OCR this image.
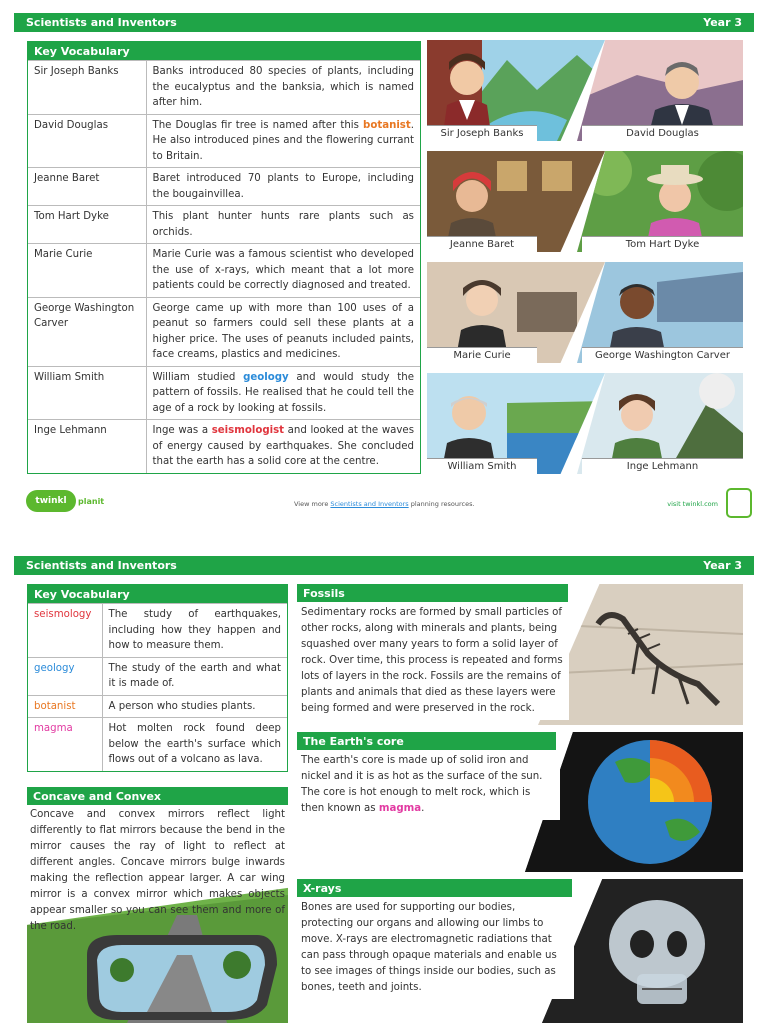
Scientists and Inventors	Year 3
Key Vocabulary
Sir Joseph Banks	Banks introduced 80 species of plants, including the eucalyptus and the banksia, which is named after him.
David Douglas	The Douglas fir tree is named after this botanist. He also introduced pines and the flowering currant to Britain.
Jeanne Baret	Baret introduced 70 plants to Europe, including the bougainvillea.
Tom Hart Dyke	This plant hunter hunts rare plants such as orchids.
Marie Curie	Marie Curie was a famous scientist who developed the use of x-rays, which meant that a lot more patients could be correctly diagnosed and treated.
George Washington Carver	George came up with more than 100 uses of a peanut so farmers could sell these plants at a higher price. The uses of peanuts included paints, face creams, plastics and medicines.
William Smith	William studied geology and would study the pattern of fossils. He realised that he could tell the age of a rock by looking at fossils.
Inge Lehmann	Inge was a seismologist and looked at the waves of energy caused by earthquakes. She concluded that the earth has a solid core at the centre.
Sir Joseph Banks	David Douglas
Jeanne Baret	Tom Hart Dyke
Marie Curie	George Washington Carver
William Smith	Inge Lehmann
twinkl	planit	View more Scientists and Inventors planning resources.	visit twinkl.com
Scientists and Inventors	Year 3
Key Vocabulary
seismology	The study of earthquakes, including how they happen and how to measure them.
geology	The study of the earth and what it is made of.
botanist	A person who studies plants.
magma	Hot molten rock found deep below the earth's surface which flows out of a volcano as lava.
Concave and Convex
Concave and convex mirrors reflect light differently to flat mirrors because the bend in the mirror causes the ray of light to reflect at different angles. Concave mirrors bulge inwards making the reflection appear larger. A car wing mirror is a convex mirror which makes objects appear smaller so you can see them and more of the road.
Fossils
Sedimentary rocks are formed by small particles of other rocks, along with minerals and plants, being squashed over many years to form a solid layer of rock. Over time, this process is repeated and forms lots of layers in the rock. Fossils are the remains of plants and animals that died as these layers were being formed and were preserved in the rock.
The Earth's core
The earth's core is made up of solid iron and nickel and it is as hot as the surface of the sun. The core is hot enough to melt rock, which is then known as magma.
X-rays
Bones are used for supporting our bodies, protecting our organs and allowing our limbs to move. X-rays are electromagnetic radiations that can pass through opaque materials and enable us to see images of things inside our bodies, such as bones, teeth and joints.
